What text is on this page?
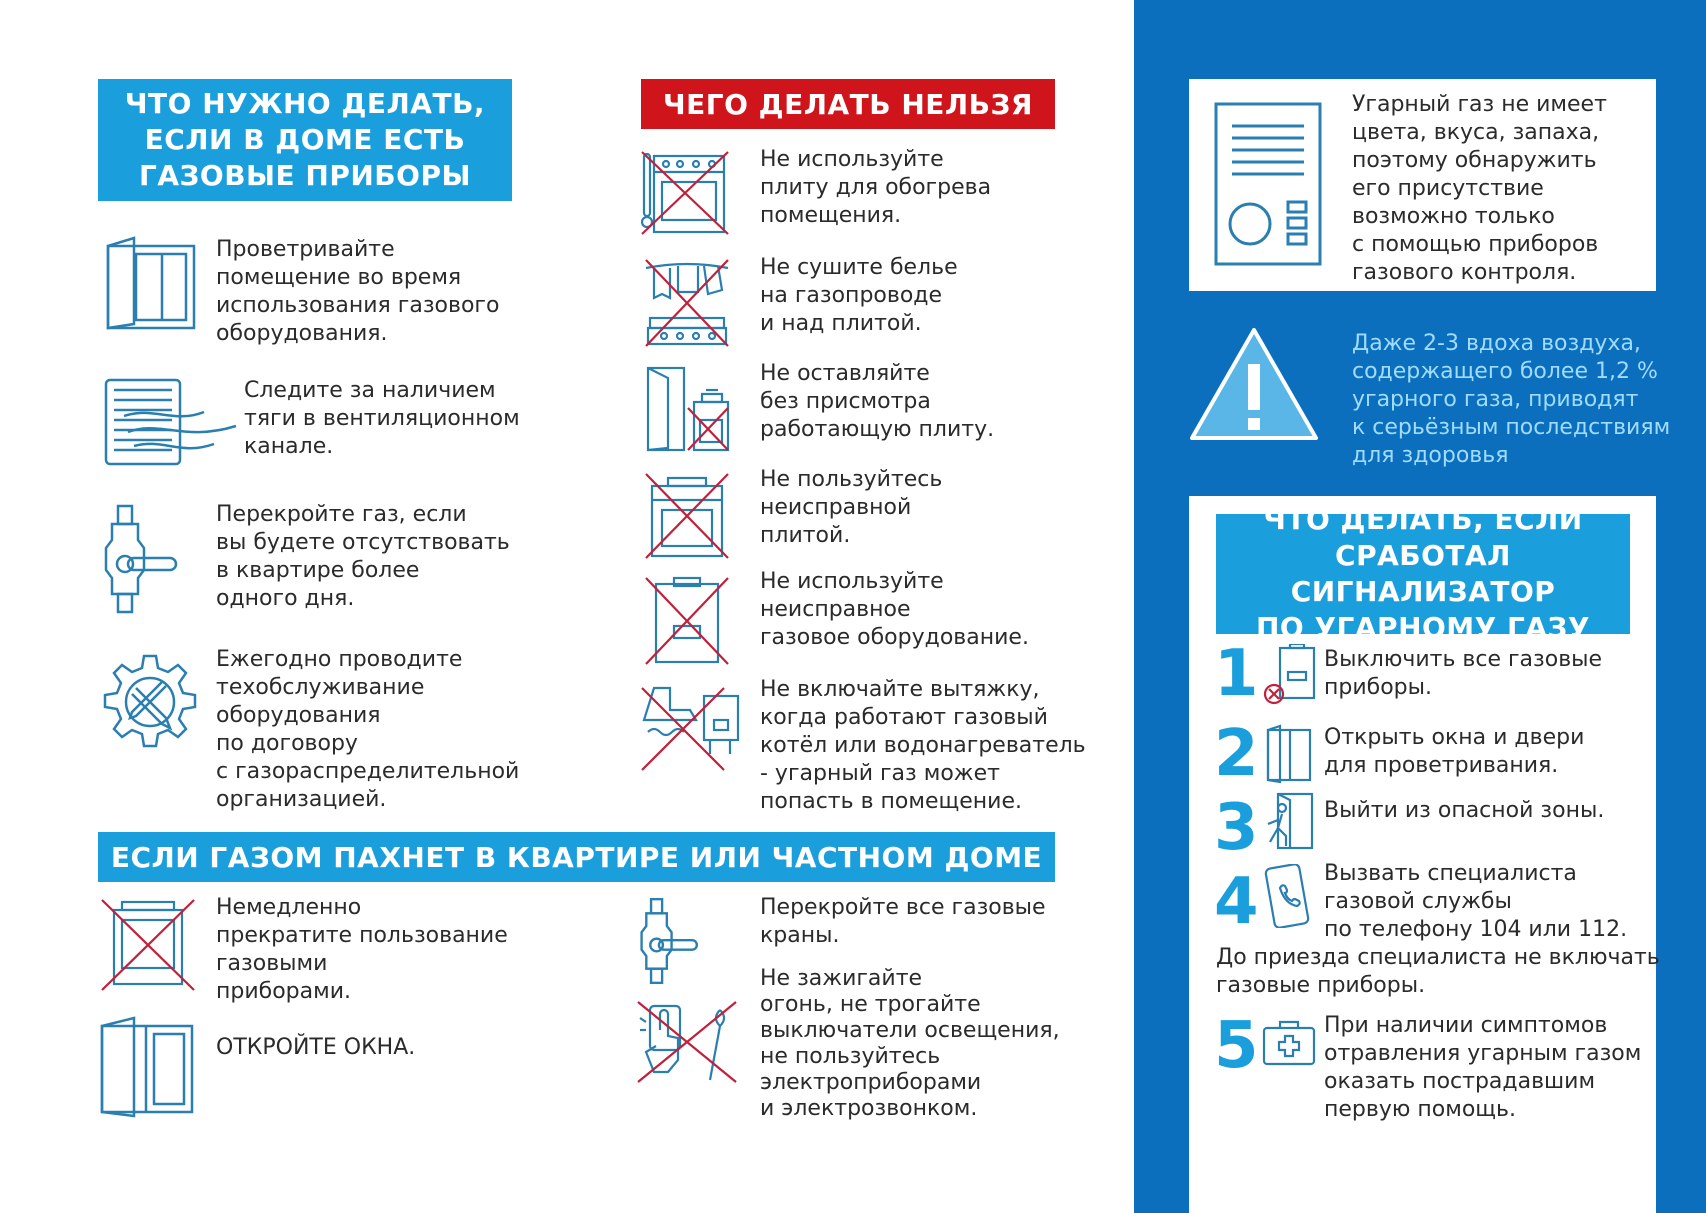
ЧТО НУЖНО ДЕЛАТЬ,
ЕСЛИ В ДОМЕ ЕСТЬ
ГАЗОВЫЕ ПРИБОРЫ
Проветривайте
помещение во время
использования газового
оборудования.
Следите за наличием
тяги в вентиляционном
канале.
Перекройте газ, если
вы будете отсутствовать
в квартире более
одного дня.
Ежегодно проводите
техобслуживание
оборудования
по договору
с газораспределительной
организацией.
ЧЕГО ДЕЛАТЬ НЕЛЬЗЯ
Не используйте
плиту для обогрева
помещения.
Не сушите белье
на газопроводе
и над плитой.
Не оставляйте
без присмотра
работающую плиту.
Не пользуйтесь
неисправной
плитой.
Не используйте
неисправное
газовое оборудование.
Не включайте вытяжку,
когда работают газовый
котёл или водонагреватель
- угарный газ может
попасть в помещение.
ЕСЛИ ГАЗОМ ПАХНЕТ В КВАРТИРЕ ИЛИ ЧАСТНОМ ДОМЕ
Немедленно
прекратите пользование
газовыми
приборами.
ОТКРОЙТЕ ОКНА.
Перекройте все газовые
краны.
Не зажигайте
огонь, не трогайте
выключатели освещения,
не пользуйтесь
электроприборами
и электрозвонком.
Угарный газ не имеет
цвета, вкуса, запаха,
поэтому обнаружить
его присутствие
возможно только
с помощью приборов
газового контроля.
Даже 2-3 вдоха воздуха,
содержащего более 1,2 %
угарного газа, приводят
к серьёзным последствиям
для здоровья
ЧТО ДЕЛАТЬ, ЕСЛИ
СРАБОТАЛ СИГНАЛИЗАТОР
ПО УГАРНОМУ ГАЗУ
1	Выключить все газовые
приборы.
2	Открыть окна и двери
для проветривания.
3	Выйти из опасной зоны.
4	Вызвать специалиста
газовой службы
по телефону 104 или 112.
До приезда специалиста не включать
газовые приборы.
5	При наличии симптомов
отравления угарным газом
оказать пострадавшим
первую помощь.
